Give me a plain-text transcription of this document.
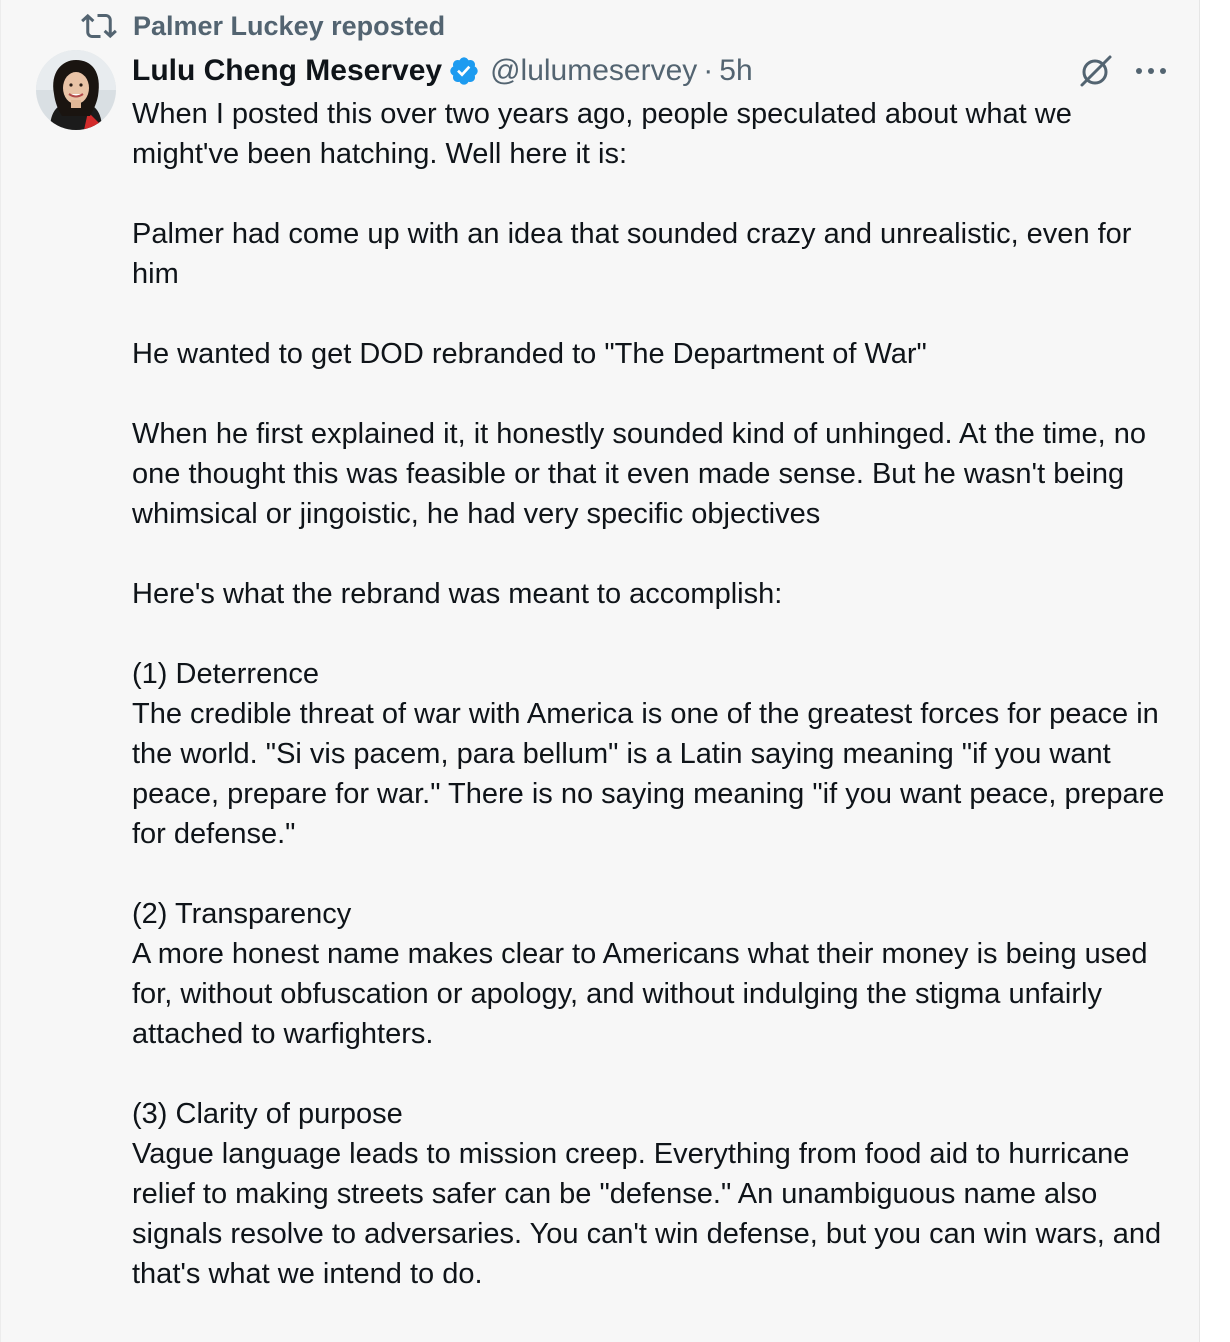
Palmer Luckey reposted
Lulu Cheng Meservey @lulumeservey · 5h
When I posted this over two years ago, people speculated about what we might've been hatching. Well here it is:
Palmer had come up with an idea that sounded crazy and unrealistic, even for him
He wanted to get DOD rebranded to "The Department of War"
When he first explained it, it honestly sounded kind of unhinged. At the time, no one thought this was feasible or that it even made sense. But he wasn't being whimsical or jingoistic, he had very specific objectives
Here's what the rebrand was meant to accomplish:
(1) Deterrence
The credible threat of war with America is one of the greatest forces for peace in the world. "Si vis pacem, para bellum" is a Latin saying meaning "if you want peace, prepare for war." There is no saying meaning "if you want peace, prepare for defense."
(2) Transparency
A more honest name makes clear to Americans what their money is being used for, without obfuscation or apology, and without indulging the stigma unfairly attached to warfighters.
(3) Clarity of purpose
Vague language leads to mission creep. Everything from food aid to hurricane relief to making streets safer can be "defense." An unambiguous name also signals resolve to adversaries. You can't win defense, but you can win wars, and that's what we intend to do.
